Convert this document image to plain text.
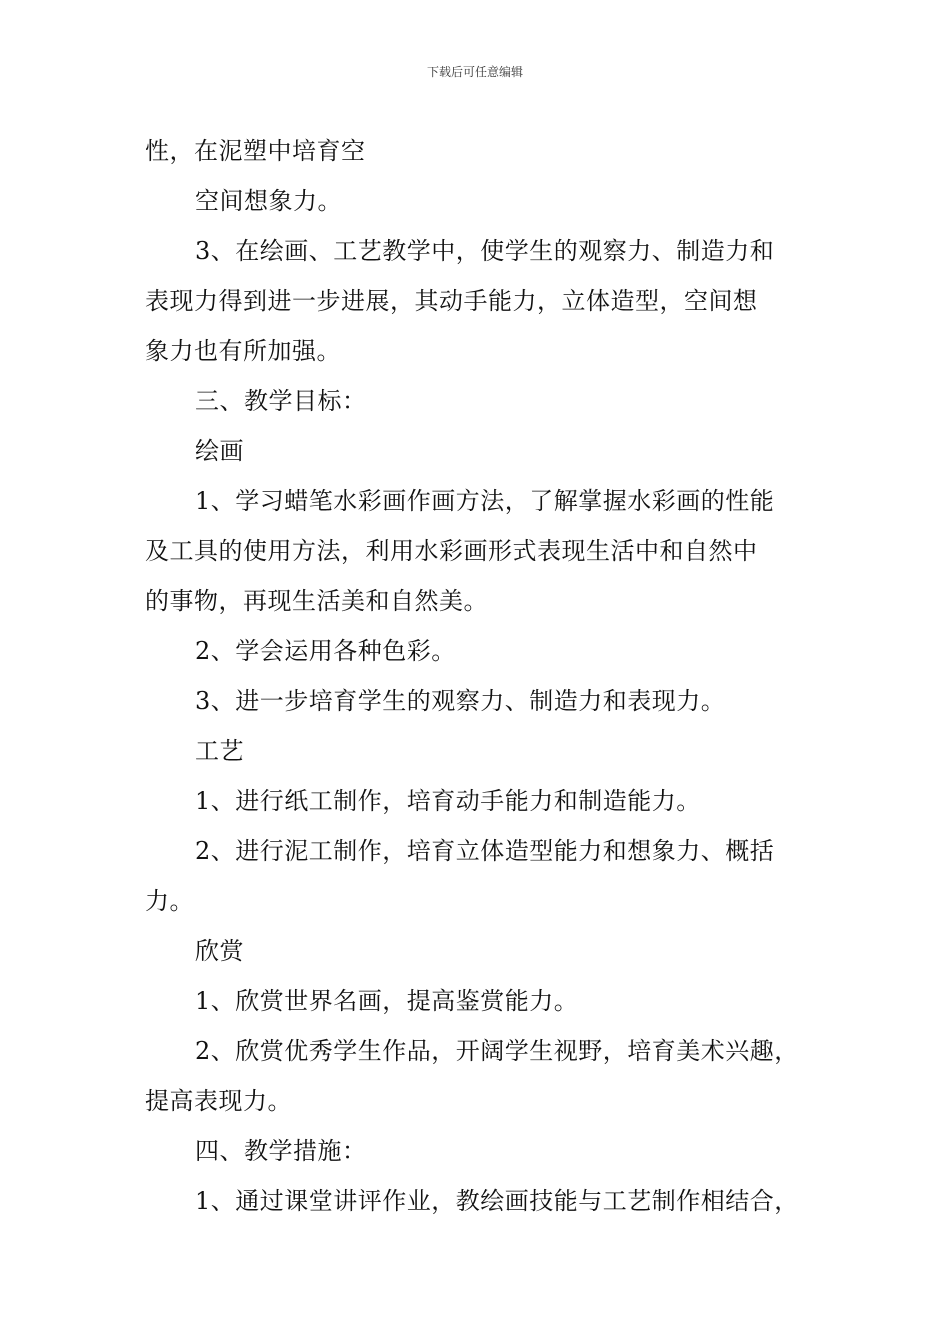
下载后可任意编辑
性，在泥塑中培育空
空间想象力。
3、在绘画、工艺教学中，使学生的观察力、制造力和
表现力得到进一步进展，其动手能力，立体造型，空间想
象力也有所加强。
三、教学目标：
绘画
1、学习蜡笔水彩画作画方法，了解掌握水彩画的性能
及工具的使用方法，利用水彩画形式表现生活中和自然中
的事物，再现生活美和自然美。
2、学会运用各种色彩。
3、进一步培育学生的观察力、制造力和表现力。
工艺
1、进行纸工制作，培育动手能力和制造能力。
2、进行泥工制作，培育立体造型能力和想象力、概括
力。
欣赏
1、欣赏世界名画，提高鉴赏能力。
2、欣赏优秀学生作品，开阔学生视野，培育美术兴趣，
提高表现力。
四、教学措施：
1、通过课堂讲评作业，教绘画技能与工艺制作相结合，
